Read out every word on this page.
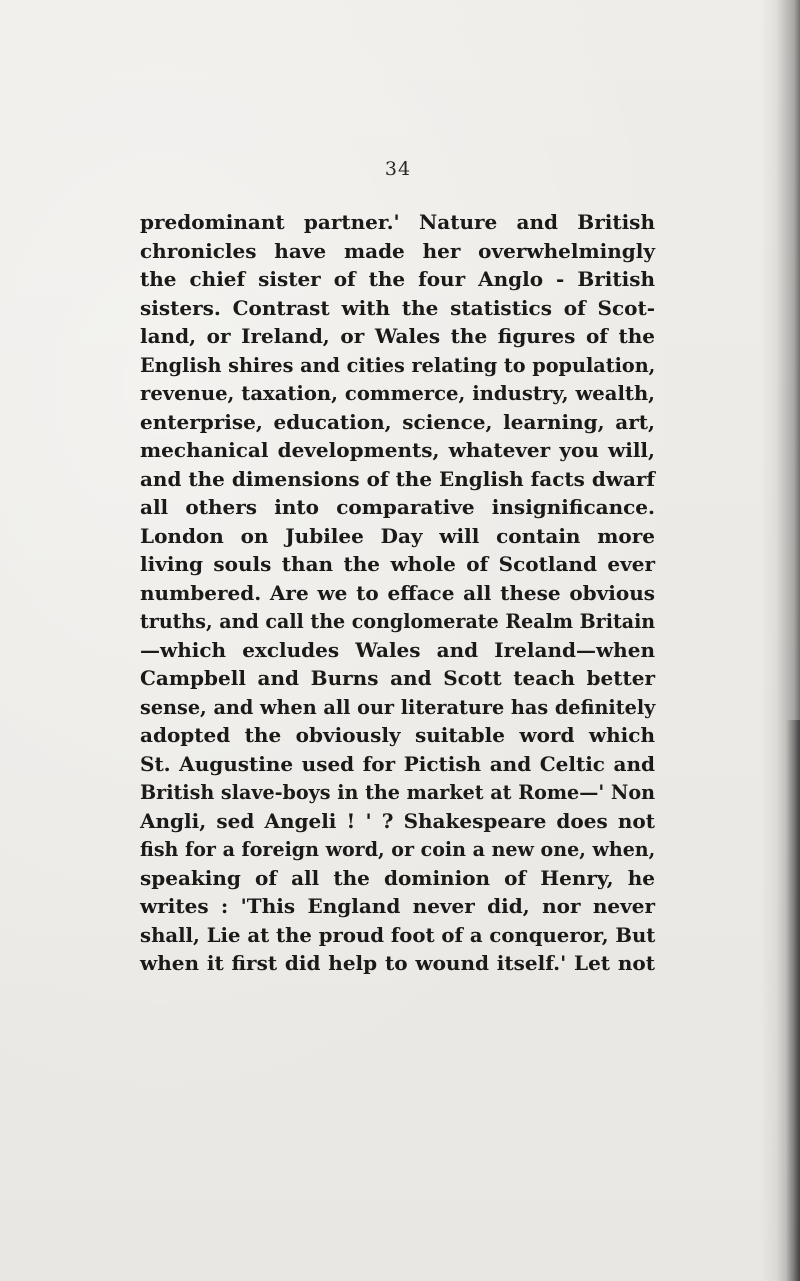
34
predominant partner.' Nature and British
chronicles have made her overwhelmingly
the chief sister of the four Anglo - British
sisters. Contrast with the statistics of Scot-
land, or Ireland, or Wales the figures of the
English shires and cities relating to population,
revenue, taxation, commerce, industry, wealth,
enterprise, education, science, learning, art,
mechanical developments, whatever you will,
and the dimensions of the English facts dwarf
all others into comparative insignificance.
London on Jubilee Day will contain more
living souls than the whole of Scotland ever
numbered. Are we to efface all these obvious
truths, and call the conglomerate Realm Britain
—which excludes Wales and Ireland—when
Campbell and Burns and Scott teach better
sense, and when all our literature has definitely
adopted the obviously suitable word which
St. Augustine used for Pictish and Celtic and
British slave-boys in the market at Rome—' Non
Angli, sed Angeli ! ' ? Shakespeare does not
fish for a foreign word, or coin a new one, when,
speaking of all the dominion of Henry, he
writes : 'This England never did, nor never
shall, Lie at the proud foot of a conqueror, But
when it first did help to wound itself.' Let not
